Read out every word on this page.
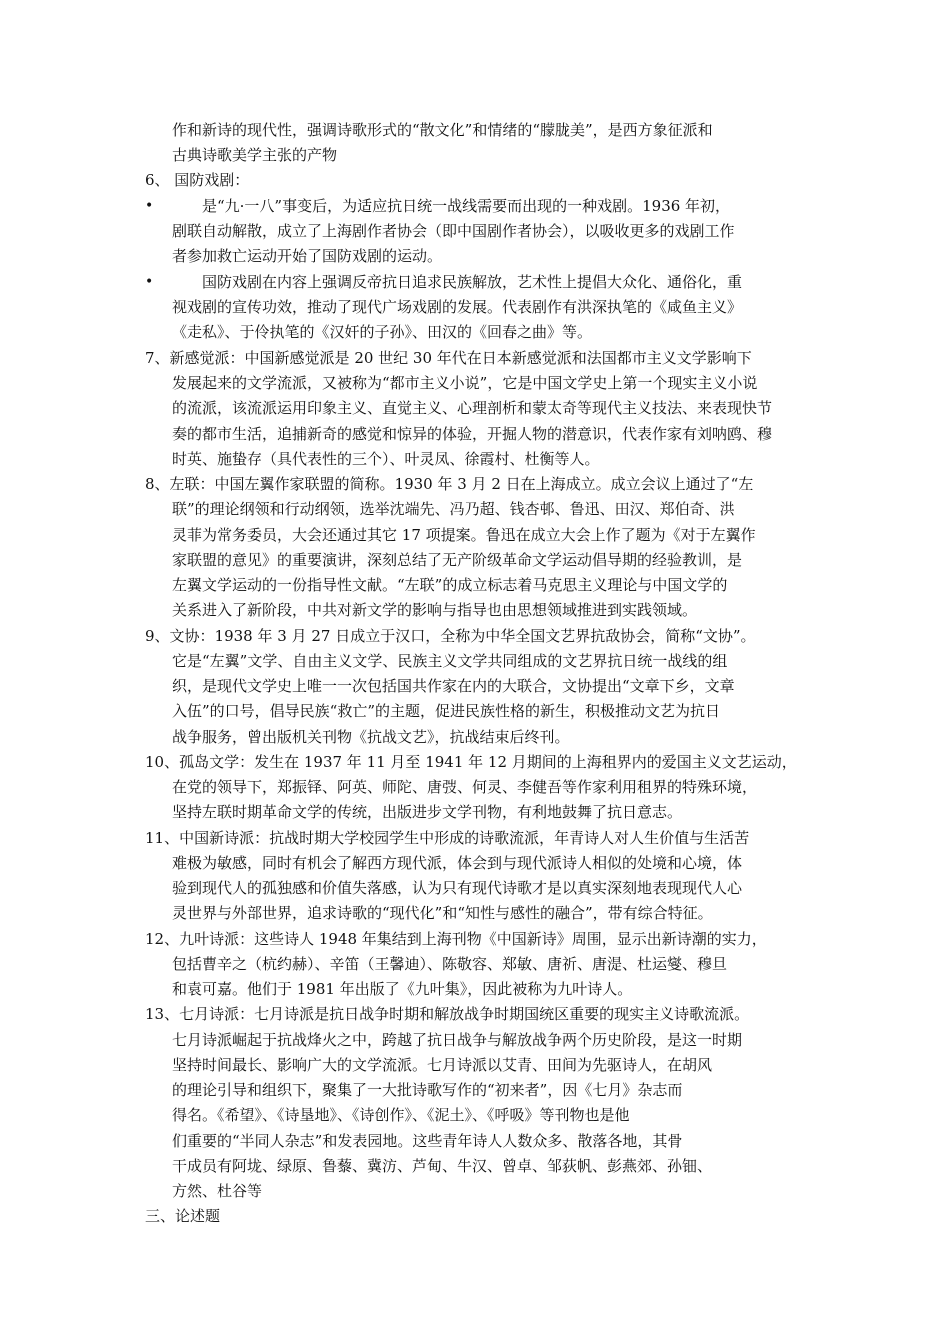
作和新诗的现代性，强调诗歌形式的“散文化”和情绪的“朦胧美”，是西方象征派和
古典诗歌美学主张的产物
6、 国防戏剧：
•	是“九·一八”事变后，为适应抗日统一战线需要而出现的一种戏剧。1936 年初，
剧联自动解散，成立了上海剧作者协会（即中国剧作者协会），以吸收更多的戏剧工作
者参加救亡运动开始了国防戏剧的运动。
•	国防戏剧在内容上强调反帝抗日追求民族解放，艺术性上提倡大众化、通俗化，重
视戏剧的宣传功效，推动了现代广场戏剧的发展。代表剧作有洪深执笔的《咸鱼主义》
《走私》、于伶执笔的《汉奸的子孙》、田汉的《回春之曲》等。
7、新感觉派：中国新感觉派是 20 世纪 30 年代在日本新感觉派和法国都市主义文学影响下
发展起来的文学流派，又被称为“都市主义小说”，它是中国文学史上第一个现实主义小说
的流派，该流派运用印象主义、直觉主义、心理剖析和蒙太奇等现代主义技法、来表现快节
奏的都市生活，追捕新奇的感觉和惊异的体验，开掘人物的潜意识，代表作家有刘呐鸥、穆
时英、施蛰存（具代表性的三个）、叶灵凤、徐霞村、杜衡等人。
8、左联：中国左翼作家联盟的简称。1930 年 3 月 2 日在上海成立。成立会议上通过了“左
联”的理论纲领和行动纲领，选举沈端先、冯乃超、钱杏邨、鲁迅、田汉、郑伯奇、洪
灵菲为常务委员，大会还通过其它 17 项提案。鲁迅在成立大会上作了题为《对于左翼作
家联盟的意见》的重要演讲，深刻总结了无产阶级革命文学运动倡导期的经验教训，是
左翼文学运动的一份指导性文献。“左联”的成立标志着马克思主义理论与中国文学的
关系进入了新阶段，中共对新文学的影响与指导也由思想领域推进到实践领域。
9、文协：1938 年 3 月 27 日成立于汉口，全称为中华全国文艺界抗敌协会，简称“文协”。
它是“左翼”文学、自由主义文学、民族主义文学共同组成的文艺界抗日统一战线的组
织，是现代文学史上唯一一次包括国共作家在内的大联合，文协提出“文章下乡，文章
入伍”的口号，倡导民族“救亡”的主题，促进民族性格的新生，积极推动文艺为抗日
战争服务，曾出版机关刊物《抗战文艺》，抗战结束后终刊。
10、孤岛文学：发生在 1937 年 11 月至 1941 年 12 月期间的上海租界内的爱国主义文艺运动，
在党的领导下，郑振铎、阿英、师陀、唐弢、何灵、李健吾等作家利用租界的特殊环境，
坚持左联时期革命文学的传统，出版进步文学刊物，有利地鼓舞了抗日意志。
11、中国新诗派：抗战时期大学校园学生中形成的诗歌流派，年青诗人对人生价值与生活苦
难极为敏感，同时有机会了解西方现代派，体会到与现代派诗人相似的处境和心境，体
验到现代人的孤独感和价值失落感，认为只有现代诗歌才是以真实深刻地表现现代人心
灵世界与外部世界，追求诗歌的“现代化”和“知性与感性的融合”，带有综合特征。
12、九叶诗派：这些诗人 1948 年集结到上海刊物《中国新诗》周围，显示出新诗潮的实力，
包括曹辛之（杭约赫）、辛笛（王馨迪）、陈敬容、郑敏、唐祈、唐湜、杜运燮、穆旦
和袁可嘉。他们于 1981 年出版了《九叶集》，因此被称为九叶诗人。
13、七月诗派：七月诗派是抗日战争时期和解放战争时期国统区重要的现实主义诗歌流派。
七月诗派崛起于抗战烽火之中，跨越了抗日战争与解放战争两个历史阶段，是这一时期
坚持时间最长、影响广大的文学流派。七月诗派以艾青、田间为先驱诗人，在胡风
的理论引导和组织下，聚集了一大批诗歌写作的“初来者”，因《七月》杂志而
得名。《希望》、《诗垦地》、《诗创作》、《泥土》、《呼吸》等刊物也是他
们重要的“半同人杂志”和发表园地。这些青年诗人人数众多、散落各地，其骨
干成员有阿垅、绿原、鲁藜、冀汸、芦甸、牛汉、曾卓、邹荻帆、彭燕郊、孙钿、
方然、杜谷等
三、论述题
